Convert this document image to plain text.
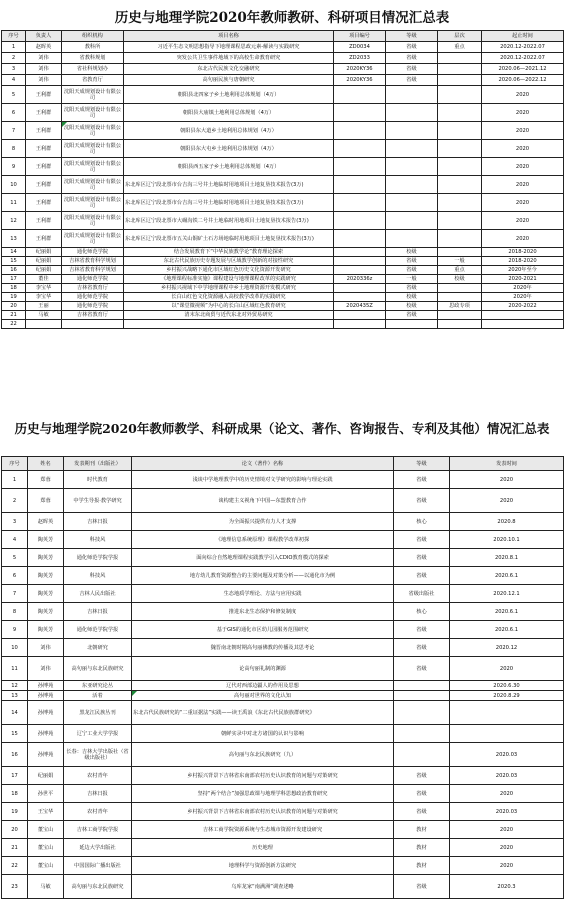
历史与地理学院2020年教师教研、科研项目情况汇总表
序号	负责人	组织机构	项目名称	项目编号	等级	层次	起止时间
1	赵晖英	教科所	习近平生态文明思想指导下地理课程思政元素-解读与实践研究	ZD0034	省级	重点	2020.12-2022.07
2	刘伟	省教科规划	突发公共卫生事件地域下的高校生命教育研究	ZD2033	省级		2020.12-2022.07
3	刘伟	省社科规划办	东北古代民族文化交融研究	2020KY36	省级		2020.06—2021.12
4	刘伟	省教育厅	高句丽民族与唐朝研究	2020KY36	省级		2020.06—2022.12
5	王利群	沈阳天成规划设计有限公司	朝阳县北四家子乡土地利用总体规划（4万）				2020
6	王利群	沈阳天成规划设计有限公司	朝阳县大庙镇土地利用总体规划（4万）				2020
7	王利群	沈阳天成规划设计有限公司	朝阳县东大道乡土地利用总体规划（4万）				2020
8	王利群	沈阳天成规划设计有限公司	朝阳县东大屯乡土地利用总体规划（4万）				2020
9	王利群	沈阳天成规划设计有限公司	朝阳县西五家子乡土地利用总体规划（4万）				2020
10	王利群	沈阳天成规划设计有限公司	东北库区辽宁段北票市台吉沟三号井土地临时用地项目土地复垦技术报告(3万)				2020
11	王利群	沈阳天成规划设计有限公司	东北库区辽宁段北票市台吉沟三号井土地临时用地项目土地复垦技术报告(3万)				2020
12	王利群	沈阳天成规划设计有限公司	东北库区辽宁段北票市大碾沟铁二号井土地临时用地项目土地复垦技术报告(3万)				2020
13	王利群	沈阳天成规划设计有限公司	东北库区辽宁段北票市五关山铜矿土石方场地临时用地项目土地复垦技术报告(3万)				2020
14	纪丽娟	通化师范学院	结合发展教育下“中华民族教学论”教育理论探索		校级		2018-2020
15	纪丽娟	吉林省教育科学规划	东北古代民族历史专题发展与区域教学创新的对接性研究		省级	一般	2018-2020
16	纪丽娟	吉林省教育科学规划	乡村振兴战略下通化市区域红色历史文化资源开发研究		省级	重点	2020年至今
17	董佳	通化师范学院	《地理课程标准实施》课程建设与地理课程改革的实践研究	2020336z	一般	校级	2020-2021
18	李宝华	吉林省教育厅	乡村振兴视域下中学地理课程中乡土地理资源开发模式研究		省级		2020年
19	李宝华	通化师范学院	长白山红色文化资源融入高校教学改革的实践研究		校级		2020年
20	王丽	通化师范学院	以“课堂微视频”为中心的长白山区域红色教育研究	2020435Z	校级	思政专项	2020-2022
21	马敏	吉林省教育厅	清末东北商贸与近代东北对外贸易研究		省级		
22							
历史与地理学院2020年教师教学、科研成果（论文、著作、咨询报告、专利及其他）情况汇总表
序号	姓名	发表期刊（出版社）	论文（著作）名称	等级	发表时间
1	郑蓉	时代教育	浅谈中学地理教学中的历史情境对文学研究的影响与理论实践	省级	2020
2	郑蓉	中学生导报·教学研究	谈构建主义视角下中国—东盟教育合作	省级	2020
3	赵晖英	吉林日报	为全面振兴提供有力人才支撑	核心	2020.8
4	陶英芳	科技风	《地理信息系统原理》课程教学改革初探	省级	2020.10.1
5	陶英芳	通化师范学院学报	面向综合自然地理课程实践教学引入CDIO教育模式的探索	省级	2020.8.1
6	陶英芳	科技风	地方幼儿教育资源整合的主要问题及对策分析——以通化市为例	省级	2020.6.1
7	陶英芳	吉林人民出版社	生态地质学理论、方法与应用实践	省级出版社	2020.12.1
8	陶英芳	吉林日报	推进东北生态保护和修复制度	核心	2020.6.1
9	陶英芳	通化师范学院学报	基于GIS的通化市区幼儿园服务范围研究	省级	2020.6.1
10	刘伟	北朝研究	魏晋南北朝时期高句丽佛教的传播及其思考论	省级	2020.12
11	刘伟	高句丽与东北民族研究	论高句丽礼制的渊源	省级	2020
12	孙博苑	东亚研究论丛	辽代对西部边疆人的作用及思想		2020.6.30
13	孙博苑	活着	高句丽对世界的文化认知		2020.8.29
14	孙博苑	黑龙江民族丛刊	东北古代民族研究的“二重证据法”实践——读王禹浪《东北古代民族族群研究》		
15	孙博苑	辽宁工业大学学报	朝鲜实录中对北方诸国的认识与影响		
16	孙博苑	长春：吉林大学出版社（省级出版社）	高句丽与东北民族研究（九）		2020.03
17	纪丽娟	农村青年	乡村振兴背景下吉林省东南部农村历史认识教育的问题与对策研究	省级	2020.03
18	孙世平	吉林日报	坚持“两个结合”加强思政课与地理学科思想政治教育研究	省级	2020
19	王宝华	农村青年	乡村振兴背景下吉林省东南部农村历史认识教育的问题与对策研究	省级	2020.03
20	董宝山	吉林工商学院学报	吉林工商学院资源系统与生态城市资源开发建设研究	教材	2020
21	董宝山	延边大学出版社	历史地理	教材	2020
22	董宝山	中国国际广播出版社	地理科学与资源创新方法研究	教材	2020
23	马敏	高句丽与东北民族研究	乌库龙家“南满洲”调查述略	省级	2020.3
